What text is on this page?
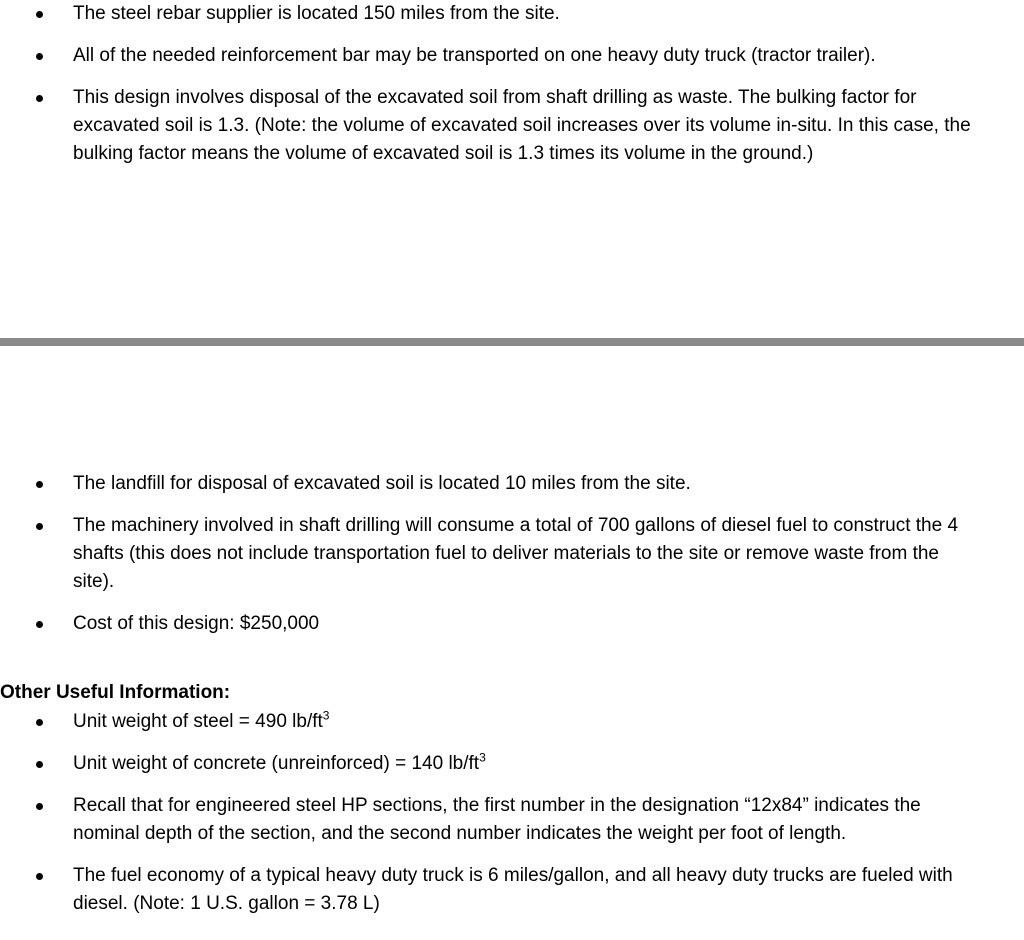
The steel rebar supplier is located 150 miles from the site.
All of the needed reinforcement bar may be transported on one heavy duty truck (tractor trailer).
This design involves disposal of the excavated soil from shaft drilling as waste. The bulking factor for excavated soil is 1.3. (Note: the volume of excavated soil increases over its volume in-situ. In this case, the bulking factor means the volume of excavated soil is 1.3 times its volume in the ground.)
The landfill for disposal of excavated soil is located 10 miles from the site.
The machinery involved in shaft drilling will consume a total of 700 gallons of diesel fuel to construct the 4 shafts (this does not include transportation fuel to deliver materials to the site or remove waste from the site).
Cost of this design: $250,000
Other Useful Information:
Unit weight of steel = 490 $lb/ft^3$
Unit weight of concrete (unreinforced) = 140 $lb/ft^3$
Recall that for engineered steel HP sections, the first number in the designation “12x84” indicates the nominal depth of the section, and the second number indicates the weight per foot of length.
The fuel economy of a typical heavy duty truck is 6 miles/gallon, and all heavy duty trucks are fueled with diesel. (Note: 1 U.S. gallon = 3.78 L)
